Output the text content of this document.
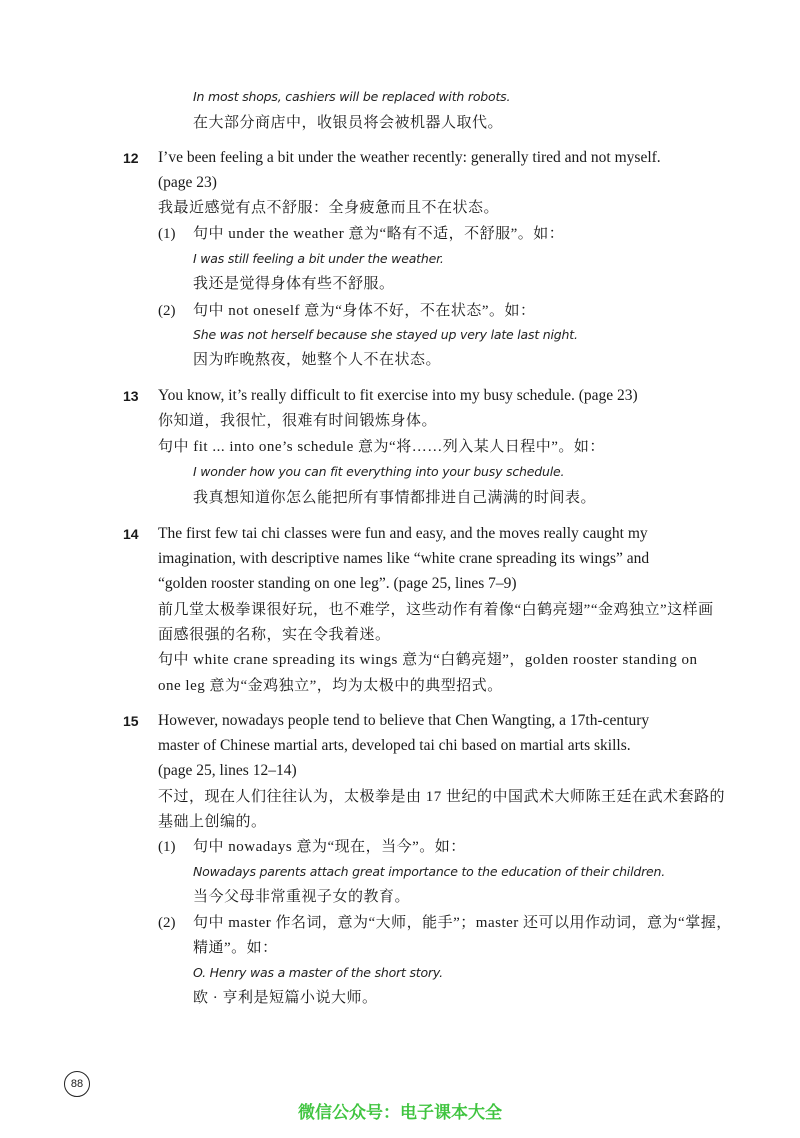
In most shops, cashiers will be replaced with robots.
在大部分商店中，收银员将会被机器人取代。
12 I’ve been feeling a bit under the weather recently: generally tired and not myself.
(page 23)
我最近感觉有点不舒服：全身疲惫而且不在状态。
(1) 句中 under the weather 意为“略有不适，不舒服”。如：
I was still feeling a bit under the weather.
我还是觉得身体有些不舒服。
(2) 句中 not oneself 意为“身体不好，不在状态”。如：
She was not herself because she stayed up very late last night.
因为昨晚熬夜，她整个人不在状态。
13 You know, it’s really difficult to fit exercise into my busy schedule. (page 23)
你知道，我很忙，很难有时间锻炼身体。
句中 fit ... into one’s schedule 意为“将……列入某人日程中”。如：
I wonder how you can fit everything into your busy schedule.
我真想知道你怎么能把所有事情都排进自己满满的时间表。
14 The first few tai chi classes were fun and easy, and the moves really caught my
imagination, with descriptive names like “white crane spreading its wings” and
“golden rooster standing on one leg”. (page 25, lines 7–9)
前几堂太极拳课很好玩，也不难学，这些动作有着像“白鹤亮翅”“金鸡独立”这样画
面感很强的名称，实在令我着迷。
句中 white crane spreading its wings 意为“白鹤亮翅”，golden rooster standing on
one leg 意为“金鸡独立”，均为太极中的典型招式。
15 However, nowadays people tend to believe that Chen Wangting, a 17th-century
master of Chinese martial arts, developed tai chi based on martial arts skills.
(page 25, lines 12–14)
不过，现在人们往往认为，太极拳是由 17 世纪的中国武术大师陈王廷在武术套路的
基础上创编的。
(1) 句中 nowadays 意为“现在，当今”。如：
Nowadays parents attach great importance to the education of their children.
当今父母非常重视子女的教育。
(2) 句中 master 作名词，意为“大师，能手”；master 还可以用作动词，意为“掌握，
精通”。如：
O. Henry was a master of the short story.
欧 · 亨利是短篇小说大师。
88
微信公众号：电子课本大全
